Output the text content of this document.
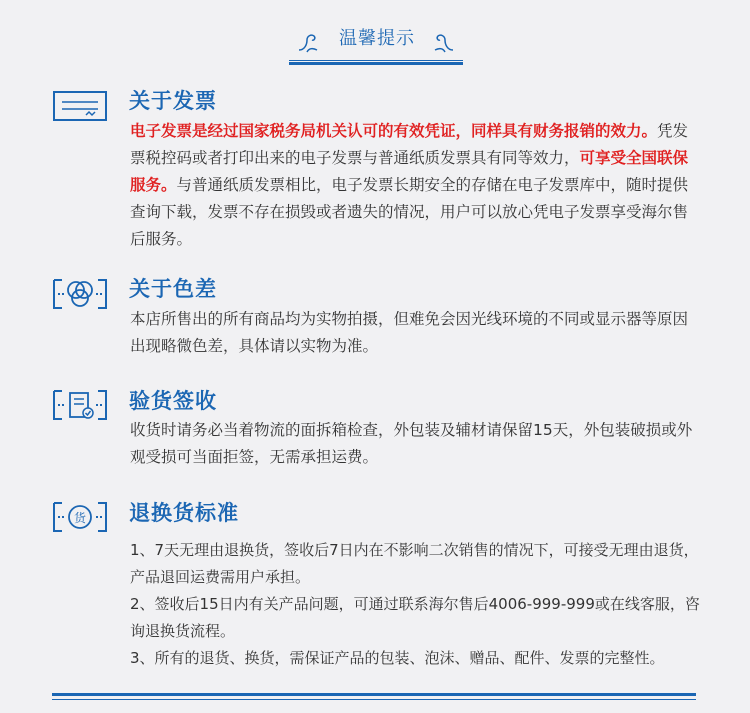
温馨提示
关于发票
电子发票是经过国家税务局机关认可的有效凭证，同样具有财务报销的效力。凭发票税控码或者打印出来的电子发票与普通纸质发票具有同等效力，可享受全国联保服务。与普通纸质发票相比，电子发票长期安全的存储在电子发票库中，随时提供查询下载，发票不存在损毁或者遗失的情况，用户可以放心凭电子发票享受海尔售后服务。
关于色差
本店所售出的所有商品均为实物拍摄，但难免会因光线环境的不同或显示器等原因出现略微色差，具体请以实物为准。
验货签收
收货时请务必当着物流的面拆箱检查，外包装及辅材请保留15天，外包装破损或外观受损可当面拒签，无需承担运费。
货 退换货标准
1、7天无理由退换货，签收后7日内在不影响二次销售的情况下，可接受无理由退货，产品退回运费需用户承担。
2、签收后15日内有关产品问题，可通过联系海尔售后4006-999-999或在线客服，咨询退换货流程。
3、所有的退货、换货，需保证产品的包装、泡沫、赠品、配件、发票的完整性。
